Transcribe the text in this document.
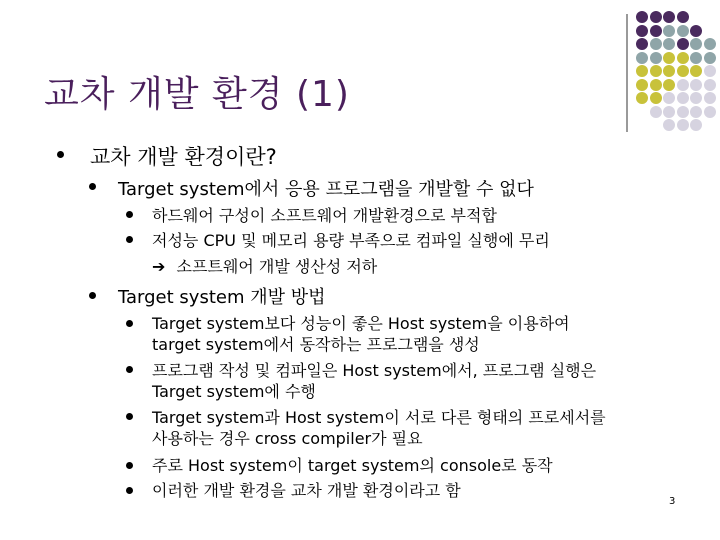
교차 개발 환경 (1)
교차 개발 환경이란?
Target system에서 응용 프로그램을 개발할 수 없다
하드웨어 구성이 소프트웨어 개발환경으로 부적합
저성능 CPU 및 메모리 용량 부족으로 컴파일 실행에 무리
➔ 소프트웨어 개발 생산성 저하
Target system 개발 방법
Target system보다 성능이 좋은 Host system을 이용하여
target system에서 동작하는 프로그램을 생성
프로그램 작성 및 컴파일은 Host system에서, 프로그램 실행은
Target system에 수행
Target system과 Host system이 서로 다른 형태의 프로세서를
사용하는 경우 cross compiler가 필요
주로 Host system이 target system의 console로 동작
이러한 개발 환경을 교차 개발 환경이라고 함
3
